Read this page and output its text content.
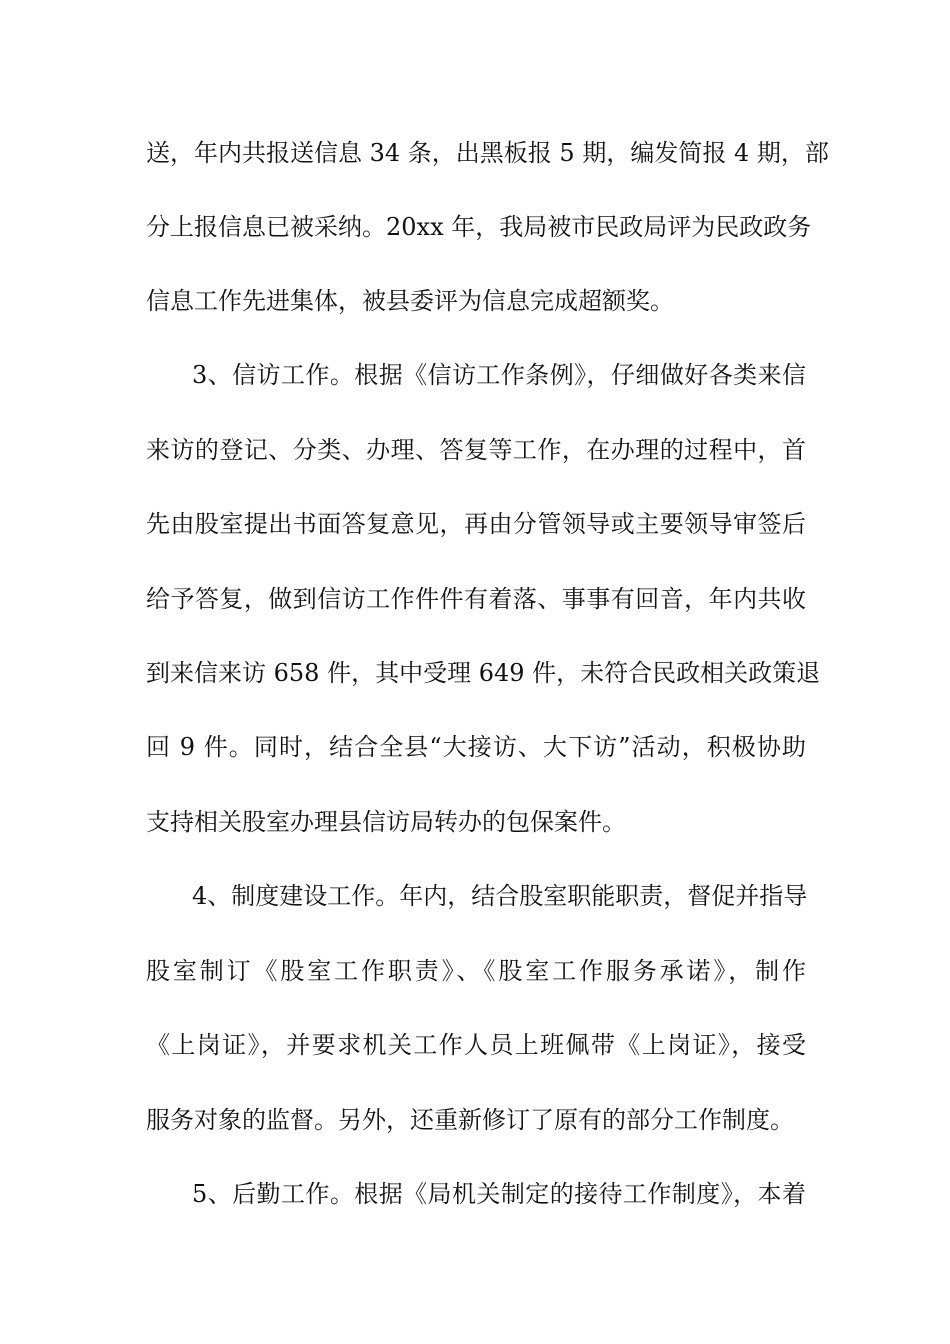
送，年内共报送信息 34 条，出黑板报 5 期，编发简报 4 期，部
分上报信息已被采纳。20xx 年，我局被市民政局评为民政政务
信息工作先进集体，被县委评为信息完成超额奖。
3、信访工作。根据《信访工作条例》，仔细做好各类来信
来访的登记、分类、办理、答复等工作，在办理的过程中，首
先由股室提出书面答复意见，再由分管领导或主要领导审签后
给予答复，做到信访工作件件有着落、事事有回音，年内共收
到来信来访 658 件，其中受理 649 件，未符合民政相关政策退
回 9 件。同时，结合全县“大接访、大下访”活动，积极协助
支持相关股室办理县信访局转办的包保案件。
4、制度建设工作。年内，结合股室职能职责，督促并指导
股室制订《股室工作职责》、《股室工作服务承诺》，制作
《上岗证》，并要求机关工作人员上班佩带《上岗证》，接受
服务对象的监督。另外，还重新修订了原有的部分工作制度。
5、后勤工作。根据《局机关制定的接待工作制度》，本着
